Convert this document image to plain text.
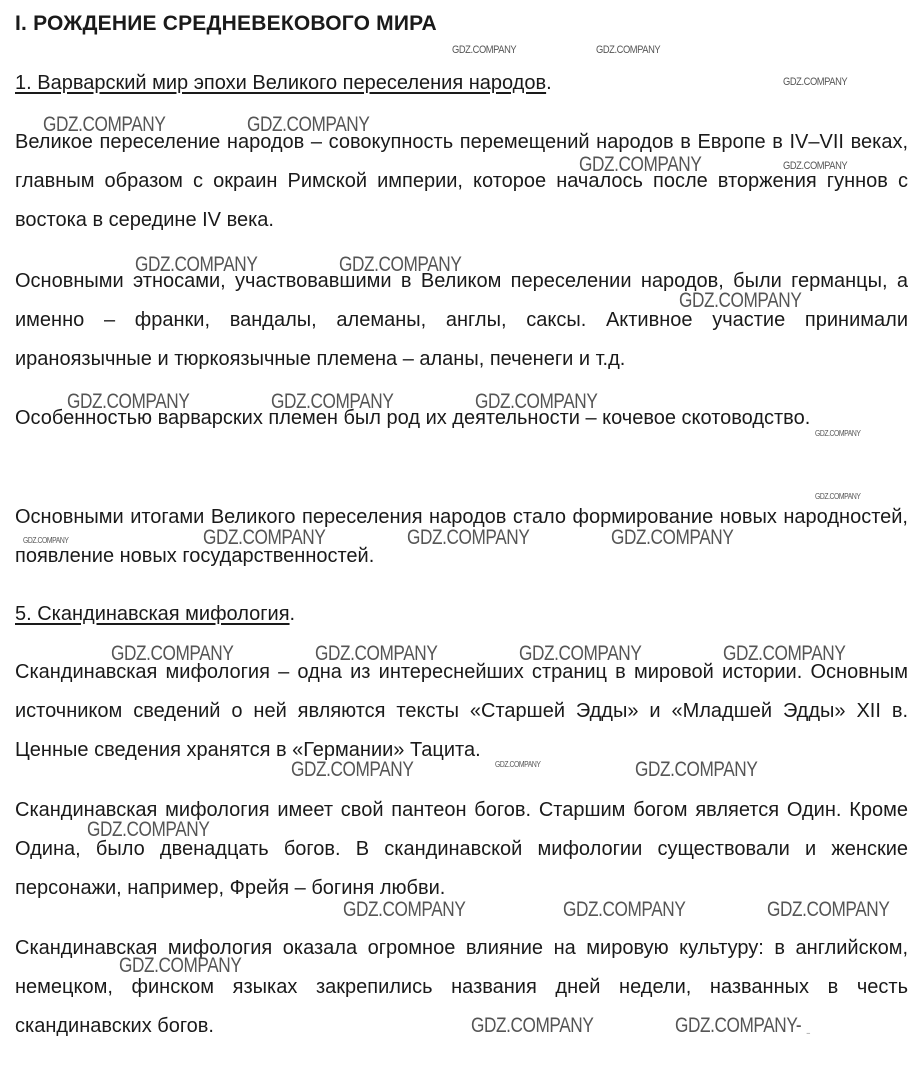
I. РОЖДЕНИЕ СРЕДНЕВЕКОВОГО МИРА
1. Варварский мир эпохи Великого переселения народов.

Великое переселение народов – совокупность перемещений народов в Европе в IV–VII веках, главным образом с окраин Римской империи, которое началось после вторжения гуннов с востока в середине IV века.

Основными этносами, участвовавшими в Великом переселении народов, были германцы, а именно – франки, вандалы, алеманы, англы, саксы. Активное участие принимали ираноязычные и тюркоязычные племена – аланы, печенеги и т.д.

Особенностью варварских племен был род их деятельности – кочевое скотоводство.

Основными итогами Великого переселения народов стало формирование новых народностей, появление новых государственностей.

5. Скандинавская мифология.

Скандинавская мифология – одна из интереснейших страниц в мировой истории. Основным источником сведений о ней являются тексты «Старшей Эдды» и «Младшей Эдды» XII в. Ценные сведения хранятся в «Германии» Тацита.

Скандинавская мифология имеет свой пантеон богов. Старшим богом является Один. Кроме Одина, было двенадцать богов. В скандинавской мифологии существовали и женские персонажи, например, Фрейя – богиня любви.

Скандинавская мифология оказала огромное влияние на мировую культуру: в английском, немецком, финском языках закрепились названия дней недели, названных в честь скандинавских богов.

GDZ.COMPANY	GDZ.COMPANY
GDZ.COMPANY
GDZ.COMPANY	GDZ.COMPANY
GDZ.COMPANY	GDZ.COMPANY
GDZ.COMPANY	GDZ.COMPANY
GDZ.COMPANY
GDZ.COMPANY	GDZ.COMPANY	GDZ.COMPANY
GDZ.COMPANY
GDZ.COMPANY
GDZ.COMPANY	GDZ.COMPANY	GDZ.COMPANY	GDZ.COMPANY
GDZ.COMPANY	GDZ.COMPANY	GDZ.COMPANY	GDZ.COMPANY
GDZ.COMPANY	GDZ.COMPANY	GDZ.COMPANY
GDZ.COMPANY
GDZ.COMPANY	GDZ.COMPANY	GDZ.COMPANY
GDZ.COMPANY
GDZ.COMPANY	GDZ.COMPANY- -
